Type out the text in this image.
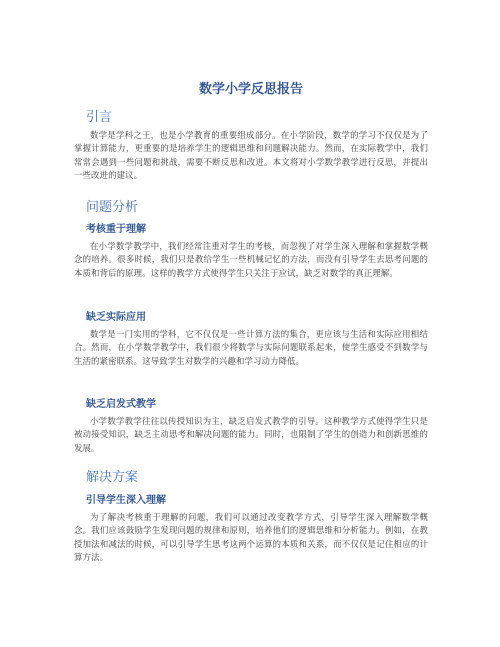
数学小学反思报告
引言

数学是学科之王，也是小学教育的重要组成部分。在小学阶段，数学的学习不仅仅是为了掌握计算能力，更重要的是培养学生的逻辑思维和问题解决能力。然而，在实际教学中，我们常常会遇到一些问题和挑战，需要不断反思和改进。本文将对小学数学教学进行反思，并提出一些改进的建议。

问题分析
考核重于理解

在小学数学教学中，我们经常注重对学生的考核，而忽视了对学生深入理解和掌握数学概念的培养。很多时候，我们只是教给学生一些机械记忆的方法，而没有引导学生去思考问题的本质和背后的原理。这样的教学方式使得学生只关注于应试，缺乏对数学的真正理解。

缺乏实际应用

数学是一门实用的学科，它不仅仅是一些计算方法的集合，更应该与生活和实际应用相结合。然而，在小学数学教学中，我们很少将数学与实际问题联系起来，使学生感受不到数学与生活的紧密联系。这导致学生对数学的兴趣和学习动力降低。

缺乏启发式教学

小学数学教学往往以传授知识为主，缺乏启发式教学的引导。这种教学方式使得学生只是被动接受知识，缺乏主动思考和解决问题的能力。同时，也限制了学生的创造力和创新思维的发展。

解决方案
引导学生深入理解

为了解决考核重于理解的问题，我们可以通过改变教学方式，引导学生深入理解数学概念。我们应该鼓励学生发现问题的规律和原则，培养他们的逻辑思维和分析能力。例如，在教授加法和减法的时候，可以引导学生思考这两个运算的本质和关系，而不仅仅是记住相应的计算方法。
